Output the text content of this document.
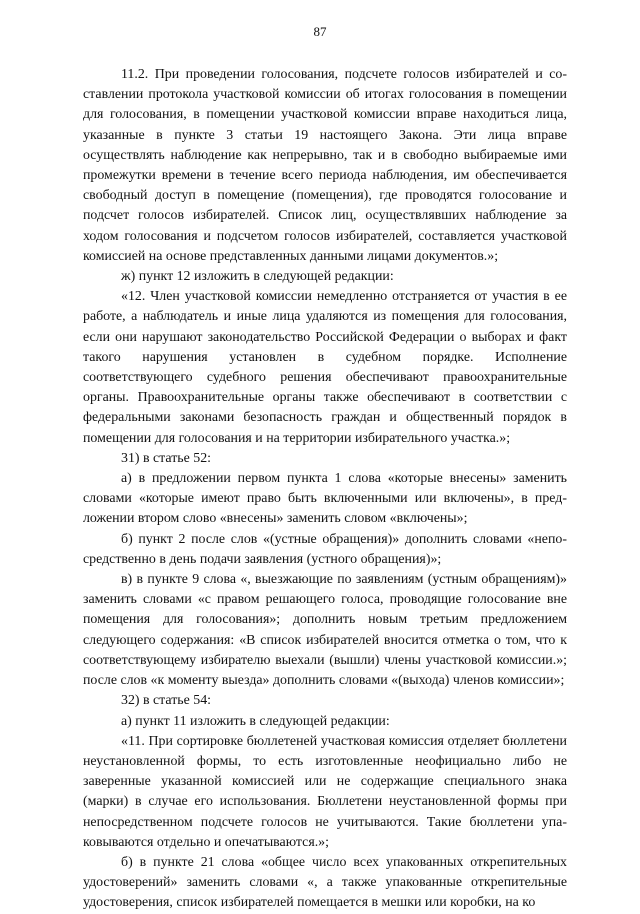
87

11.2. При проведении голосования, подсчете голосов избирателей и составлении протокола участковой комиссии об итогах голосования в помещении для голосования, в помещении участковой комиссии вправе находиться лица, указанные в пункте 3 статьи 19 настоящего Закона. Эти лица вправе осуществлять наблюдение как непрерывно, так и в свободно выбираемые ими промежутки времени в течение всего периода наблюдения, им обеспечивается свободный доступ в помещение (помещения), где проводятся голосование и подсчет голосов избирателей. Список лиц, осуществлявших наблюдение за ходом голосования и подсчетом голосов избирателей, составляется участковой комиссией на основе представленных данными лицами документов.»;

ж) пункт 12 изложить в следующей редакции:

«12. Член участковой комиссии немедленно отстраняется от участия в ее работе, а наблюдатель и иные лица удаляются из помещения для голосования, если они нарушают законодательство Российской Федерации о выборах и факт такого нарушения установлен в судебном порядке. Исполнение соответствующего судебного решения обеспечивают правоохранительные органы. Правоохранительные органы также обеспечивают в соответствии с федеральными законами безопасность граждан и общественный порядок в помещении для голосования и на территории избирательного участка.»;

31) в статье 52:

а) в предложении первом пункта 1 слова «которые внесены» заменить словами «которые имеют право быть включенными или включены», в предложении втором слово «внесены» заменить словом «включены»;

б) пункт 2 после слов «(устные обращения)» дополнить словами «непосредственно в день подачи заявления (устного обращения)»;

в) в пункте 9 слова «, выезжающие по заявлениям (устным обращениям)» заменить словами «с правом решающего голоса, проводящие голосование вне помещения для голосования»; дополнить новым третьим предложением следующего содержания: «В список избирателей вносится отметка о том, что к соответствующему избирателю выехали (вышли) члены участковой комиссии.»; после слов «к моменту выезда» дополнить словами «(выхода) членов комиссии»;

32) в статье 54:

а) пункт 11 изложить в следующей редакции:

«11. При сортировке бюллетеней участковая комиссия отделяет бюллетени неустановленной формы, то есть изготовленные неофициально либо не заверенные указанной комиссией или не содержащие специального знака (марки) в случае его использования. Бюллетени неустановленной формы при непосредственном подсчете голосов не учитываются. Такие бюллетени упаковываются отдельно и опечатываются.»;

б) в пункте 21 слова «общее число всех упакованных открепительных удостоверений» заменить словами «, а также упакованные открепительные удостоверения, список избирателей помещается в мешки или коробки, на ко
